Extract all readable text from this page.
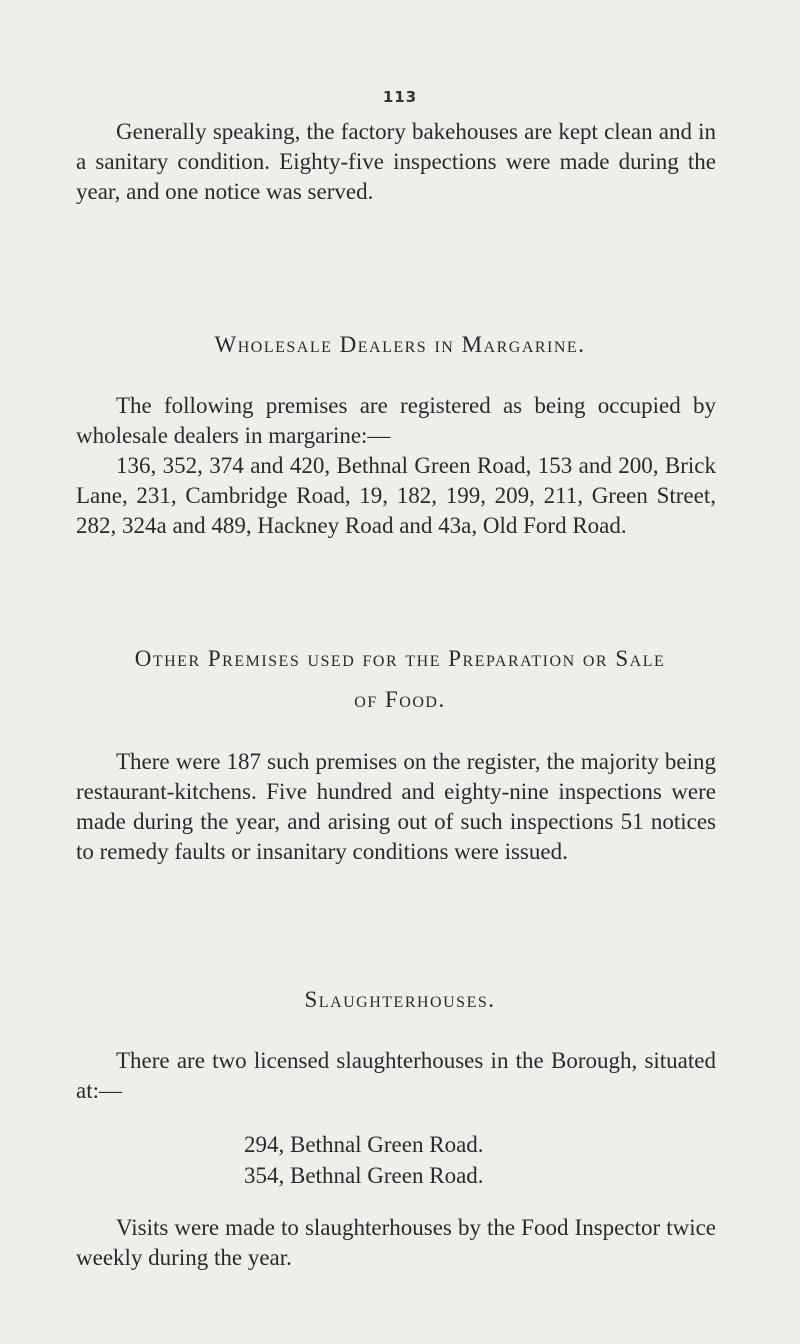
113
Generally speaking, the factory bakehouses are kept clean and in a sanitary condition. Eighty-five inspections were made during the year, and one notice was served.
Wholesale Dealers in Margarine.
The following premises are registered as being occupied by wholesale dealers in margarine:—
136, 352, 374 and 420, Bethnal Green Road, 153 and 200, Brick Lane, 231, Cambridge Road, 19, 182, 199, 209, 211, Green Street, 282, 324a and 489, Hackney Road and 43a, Old Ford Road.
Other Premises used for the Preparation or Sale
of Food.
There were 187 such premises on the register, the majority being restaurant-kitchens. Five hundred and eighty-nine inspections were made during the year, and arising out of such inspections 51 notices to remedy faults or insanitary conditions were issued.
Slaughterhouses.
There are two licensed slaughterhouses in the Borough, situated at:—
294, Bethnal Green Road.
354, Bethnal Green Road.
Visits were made to slaughterhouses by the Food Inspector twice weekly during the year.
